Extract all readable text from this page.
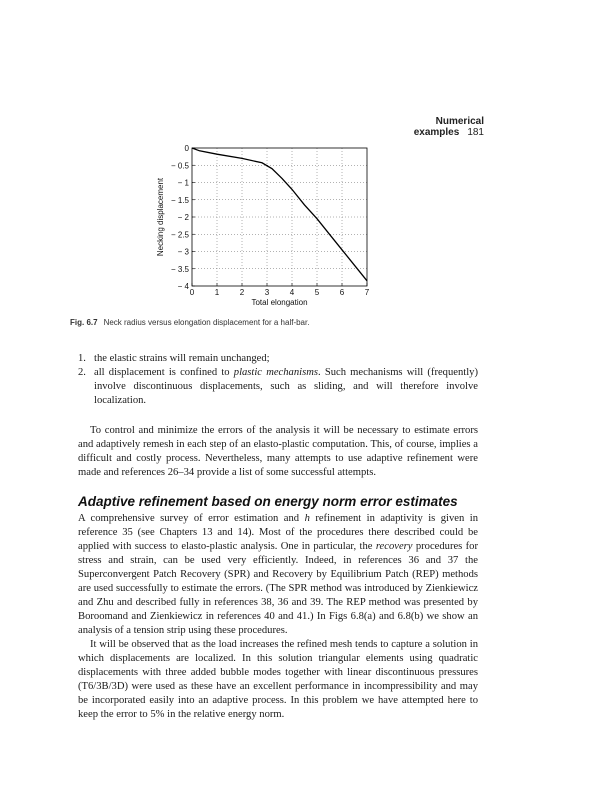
Numerical examples 181
0	1	2	3	4	5	6	7
0
− 0.5
− 1
− 1.5
− 2
− 2.5
− 3
− 3.5
− 4
Total elongation
Necking displacement
Fig. 6.7 Neck radius versus elongation displacement for a half-bar.
1. the elastic strains will remain unchanged;
2. all displacement is confined to plastic mechanisms. Such mechanisms will (frequently) involve discontinuous displacements, such as sliding, and will therefore involve localization.

To control and minimize the errors of the analysis it will be necessary to estimate errors and adaptively remesh in each step of an elasto-plastic computation. This, of course, implies a difficult and costly process. Nevertheless, many attempts to use adaptive refinement were made and references 26–34 provide a list of some successful attempts.

Adaptive refinement based on energy norm error estimates

A comprehensive survey of error estimation and h refinement in adaptivity is given in reference 35 (see Chapters 13 and 14). Most of the procedures there described could be applied with success to elasto-plastic analysis. One in particular, the recovery procedures for stress and strain, can be used very efficiently. Indeed, in references 36 and 37 the Superconvergent Patch Recovery (SPR) and Recovery by Equilibrium Patch (REP) methods are used successfully to estimate the errors. (The SPR method was introduced by Zienkiewicz and Zhu and described fully in references 38, 36 and 39. The REP method was presented by Boroomand and Zienkiewicz in references 40 and 41.) In Figs 6.8(a) and 6.8(b) we show an analysis of a tension strip using these procedures.

It will be observed that as the load increases the refined mesh tends to capture a solution in which displacements are localized. In this solution triangular elements using quadratic displacements with three added bubble modes together with linear discontinuous pressures (T6/3B/3D) were used as these have an excellent performance in incompressibility and may be incorporated easily into an adaptive process. In this problem we have attempted here to keep the error to 5% in the relative energy norm.
